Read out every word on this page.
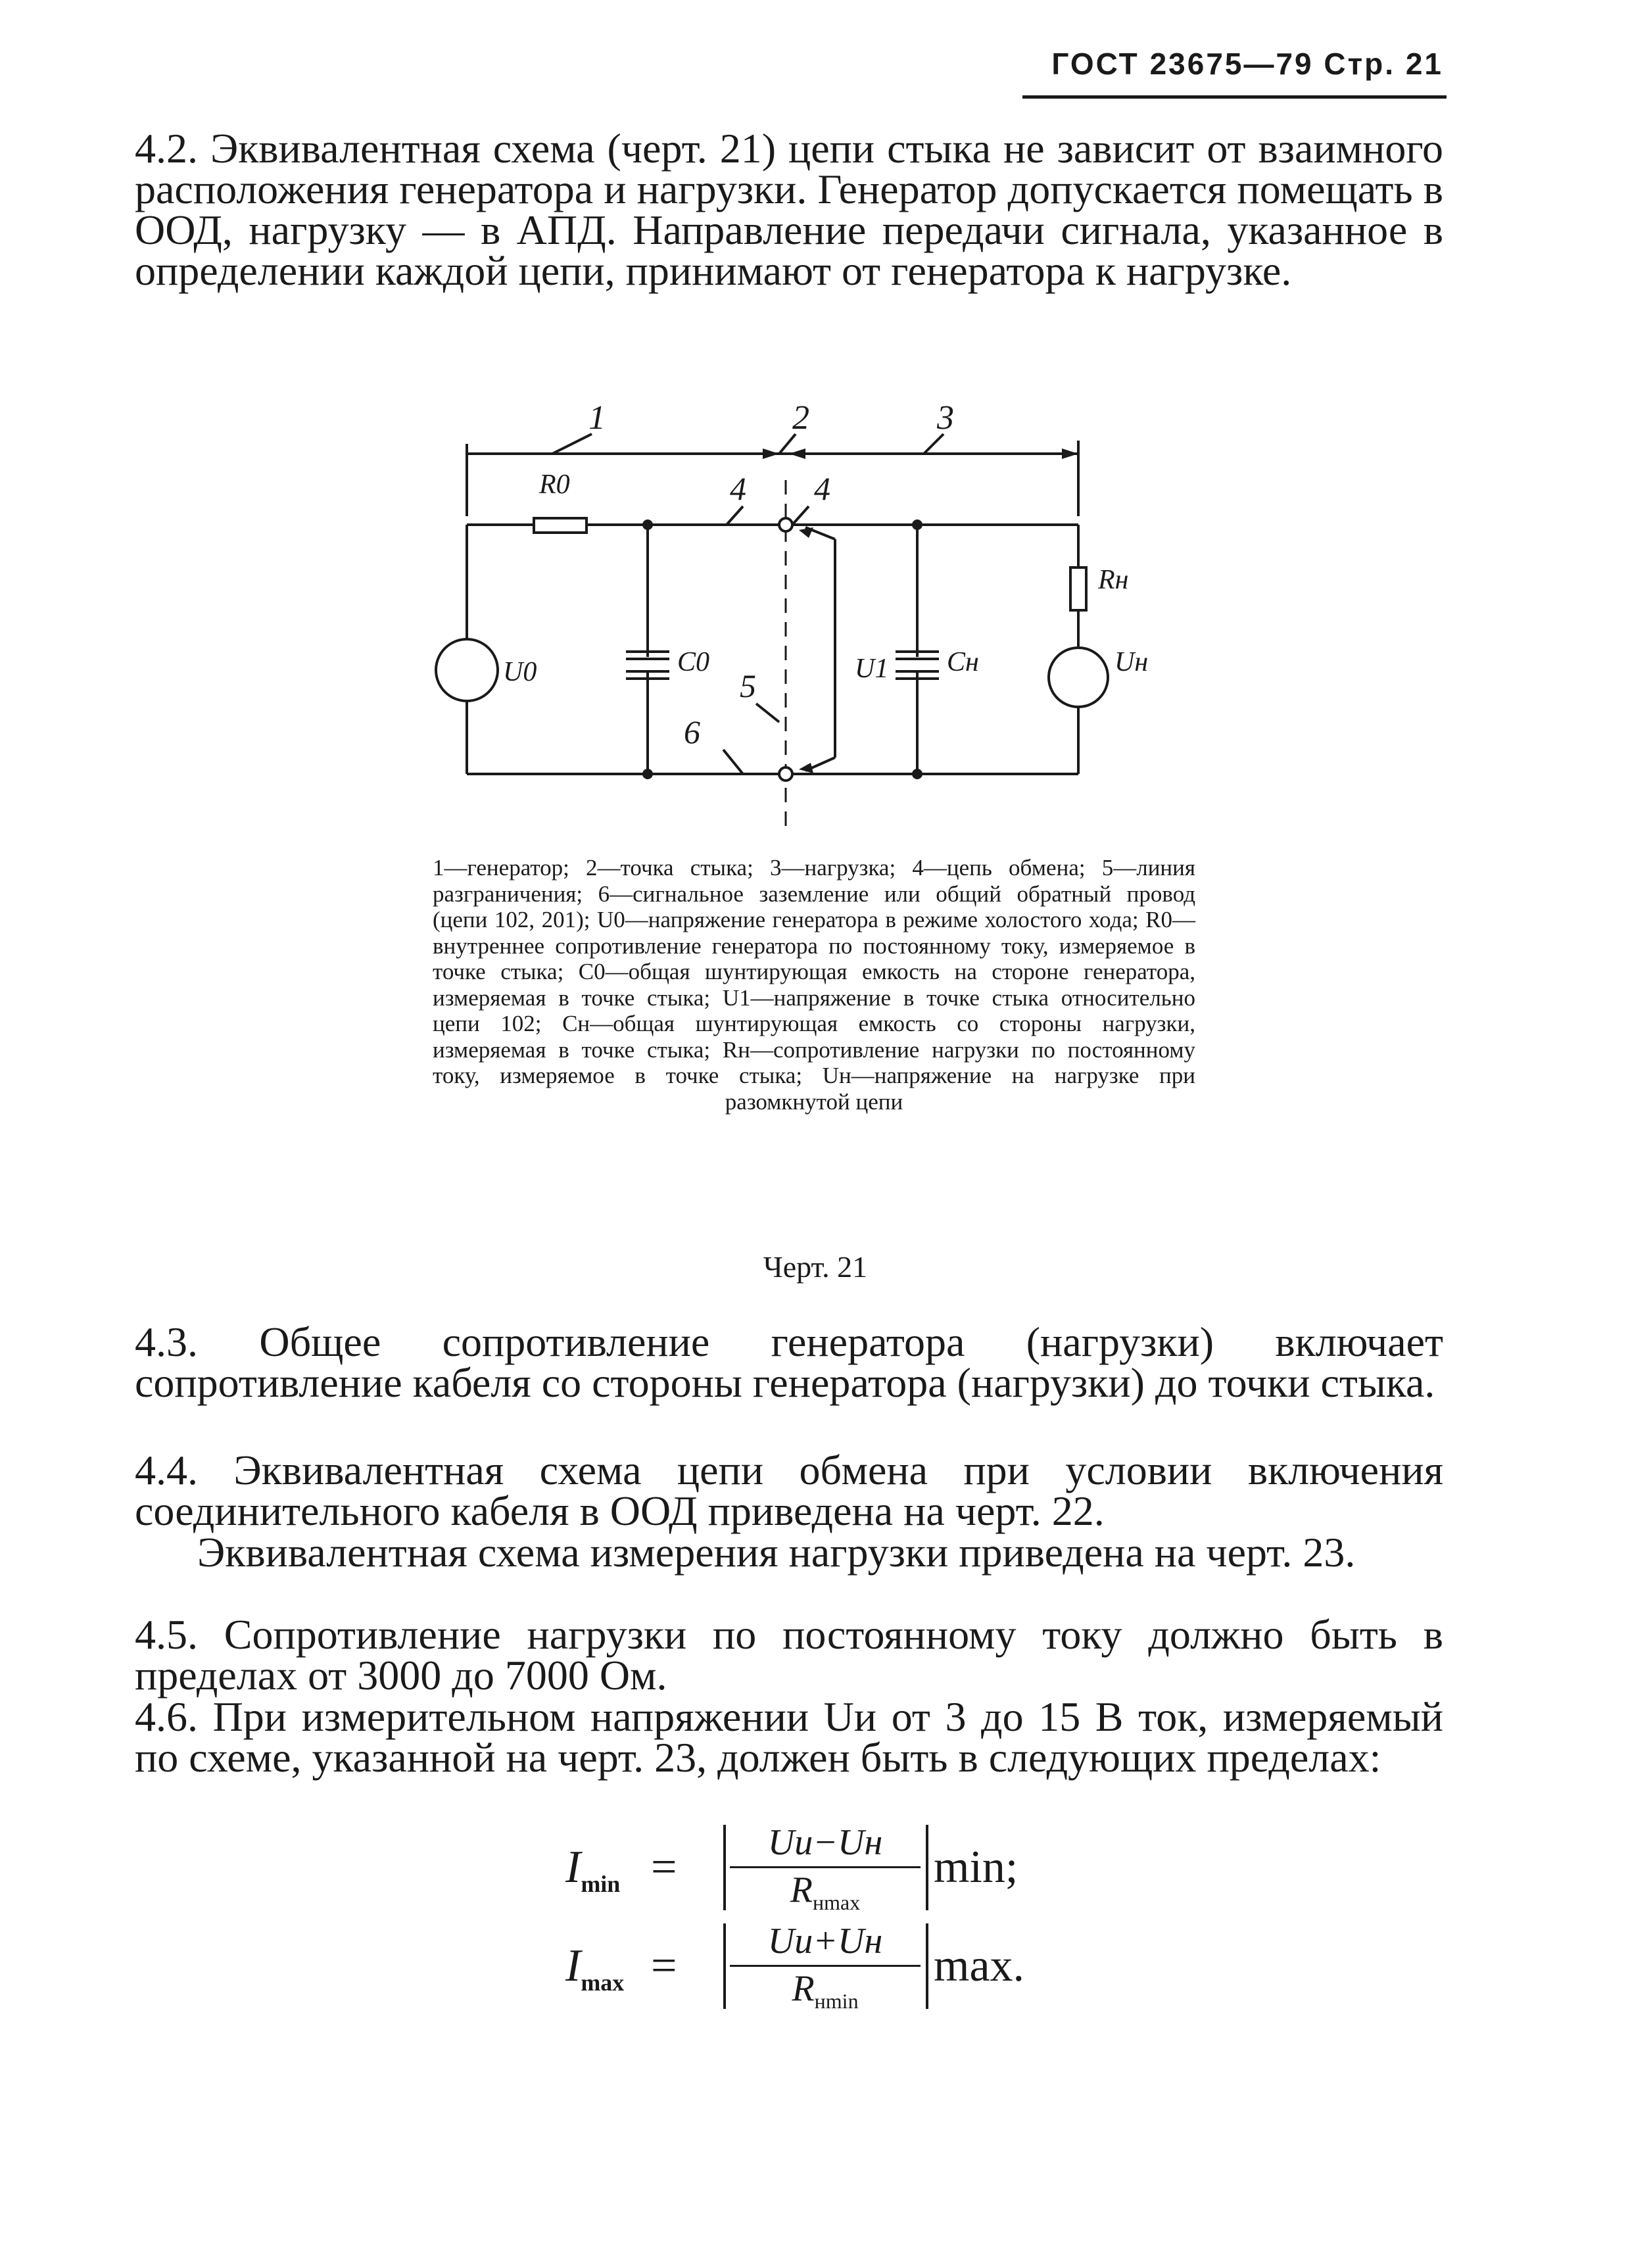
ГОСТ 23675—79 Стр. 21
4.2. Эквивалентная схема (черт. 21) цепи стыка не зависит от взаимного расположения генератора и нагрузки. Генератор допускается помещать в ООД, нагрузку — в АПД. Направление передачи сигнала, указанное в определении каждой цепи, принимают от генератора к нагрузке.
1	2	3
4 4
5
6
R0
C0
U0	U1 Cн
Rн
Uн
1—генератор; 2—точка стыка; 3—нагрузка; 4—цепь обмена; 5—линия разграничения; 6—сигнальное заземление или общий обратный провод (цепи 102, 201); U0—напряжение генератора в режиме холостого хода; R0—внутреннее сопротивление генератора по постоянному току, измеряемое в точке стыка; C0—общая шунтирующая емкость на стороне генератора, измеряемая в точке стыка; U1—напряжение в точке стыка относительно цепи 102; Cн—общая шунтирующая емкость со стороны нагрузки, измеряемая в точке стыка; Rн—сопротивление нагрузки по постоянному току, измеряемое в точке стыка; Uн—напряжение на нагрузке при разомкнутой цепи
Черт. 21
4.3. Общее сопротивление генератора (нагрузки) включает сопротивление кабеля со стороны генератора (нагрузки) до точки стыка.
4.4. Эквивалентная схема цепи обмена при условии включения соединительного кабеля в ООД приведена на черт. 22.
Эквивалентная схема измерения нагрузки приведена на черт. 23.
4.5. Сопротивление нагрузки по постоянному току должно быть в пределах от 3000 до 7000 Ом.
4.6. При измерительном напряжении Uи от 3 до 15 В ток, измеряемый по схеме, указанной на черт. 23, должен быть в следующих пределах:
$I_{min}$ =	Uи−Uн
$R_{нmax}$
min;
$I_{max}$ =	Uи+Uн
$R_{нmin}$
max.
